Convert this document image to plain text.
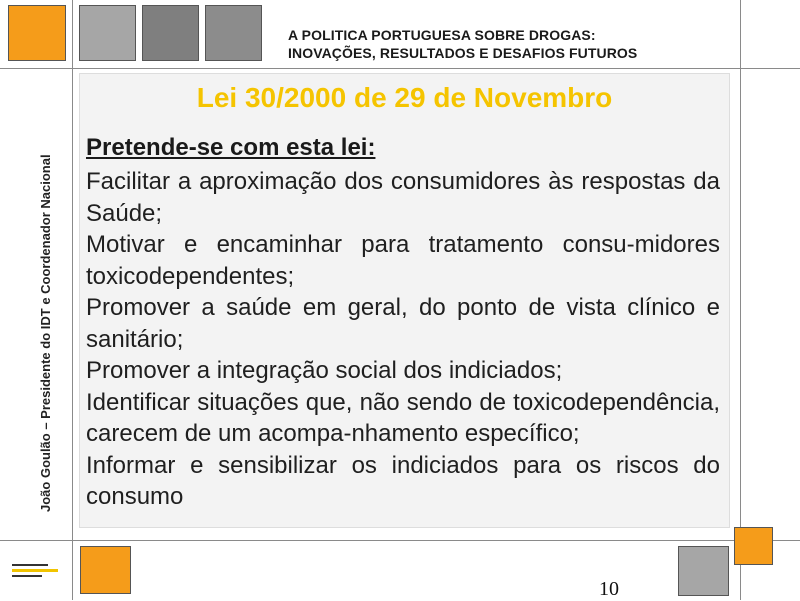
A POLITICA PORTUGUESA SOBRE DROGAS:
INOVAÇÕES, RESULTADOS E DESAFIOS FUTUROS
João Goulão – Presidente do IDT e Coordenador Nacional
Lei 30/2000 de 29 de Novembro
Pretende-se com esta lei:
Facilitar a aproximação dos consumidores às respostas da Saúde;
Motivar e encaminhar para tratamento consu-midores toxicodependentes;
Promover a saúde em geral, do ponto de vista clínico e sanitário;
Promover a integração social dos indiciados;
Identificar situações que, não sendo de toxicodependência, carecem de um acompa-nhamento específico;
Informar e sensibilizar os indiciados para os riscos do consumo
10
